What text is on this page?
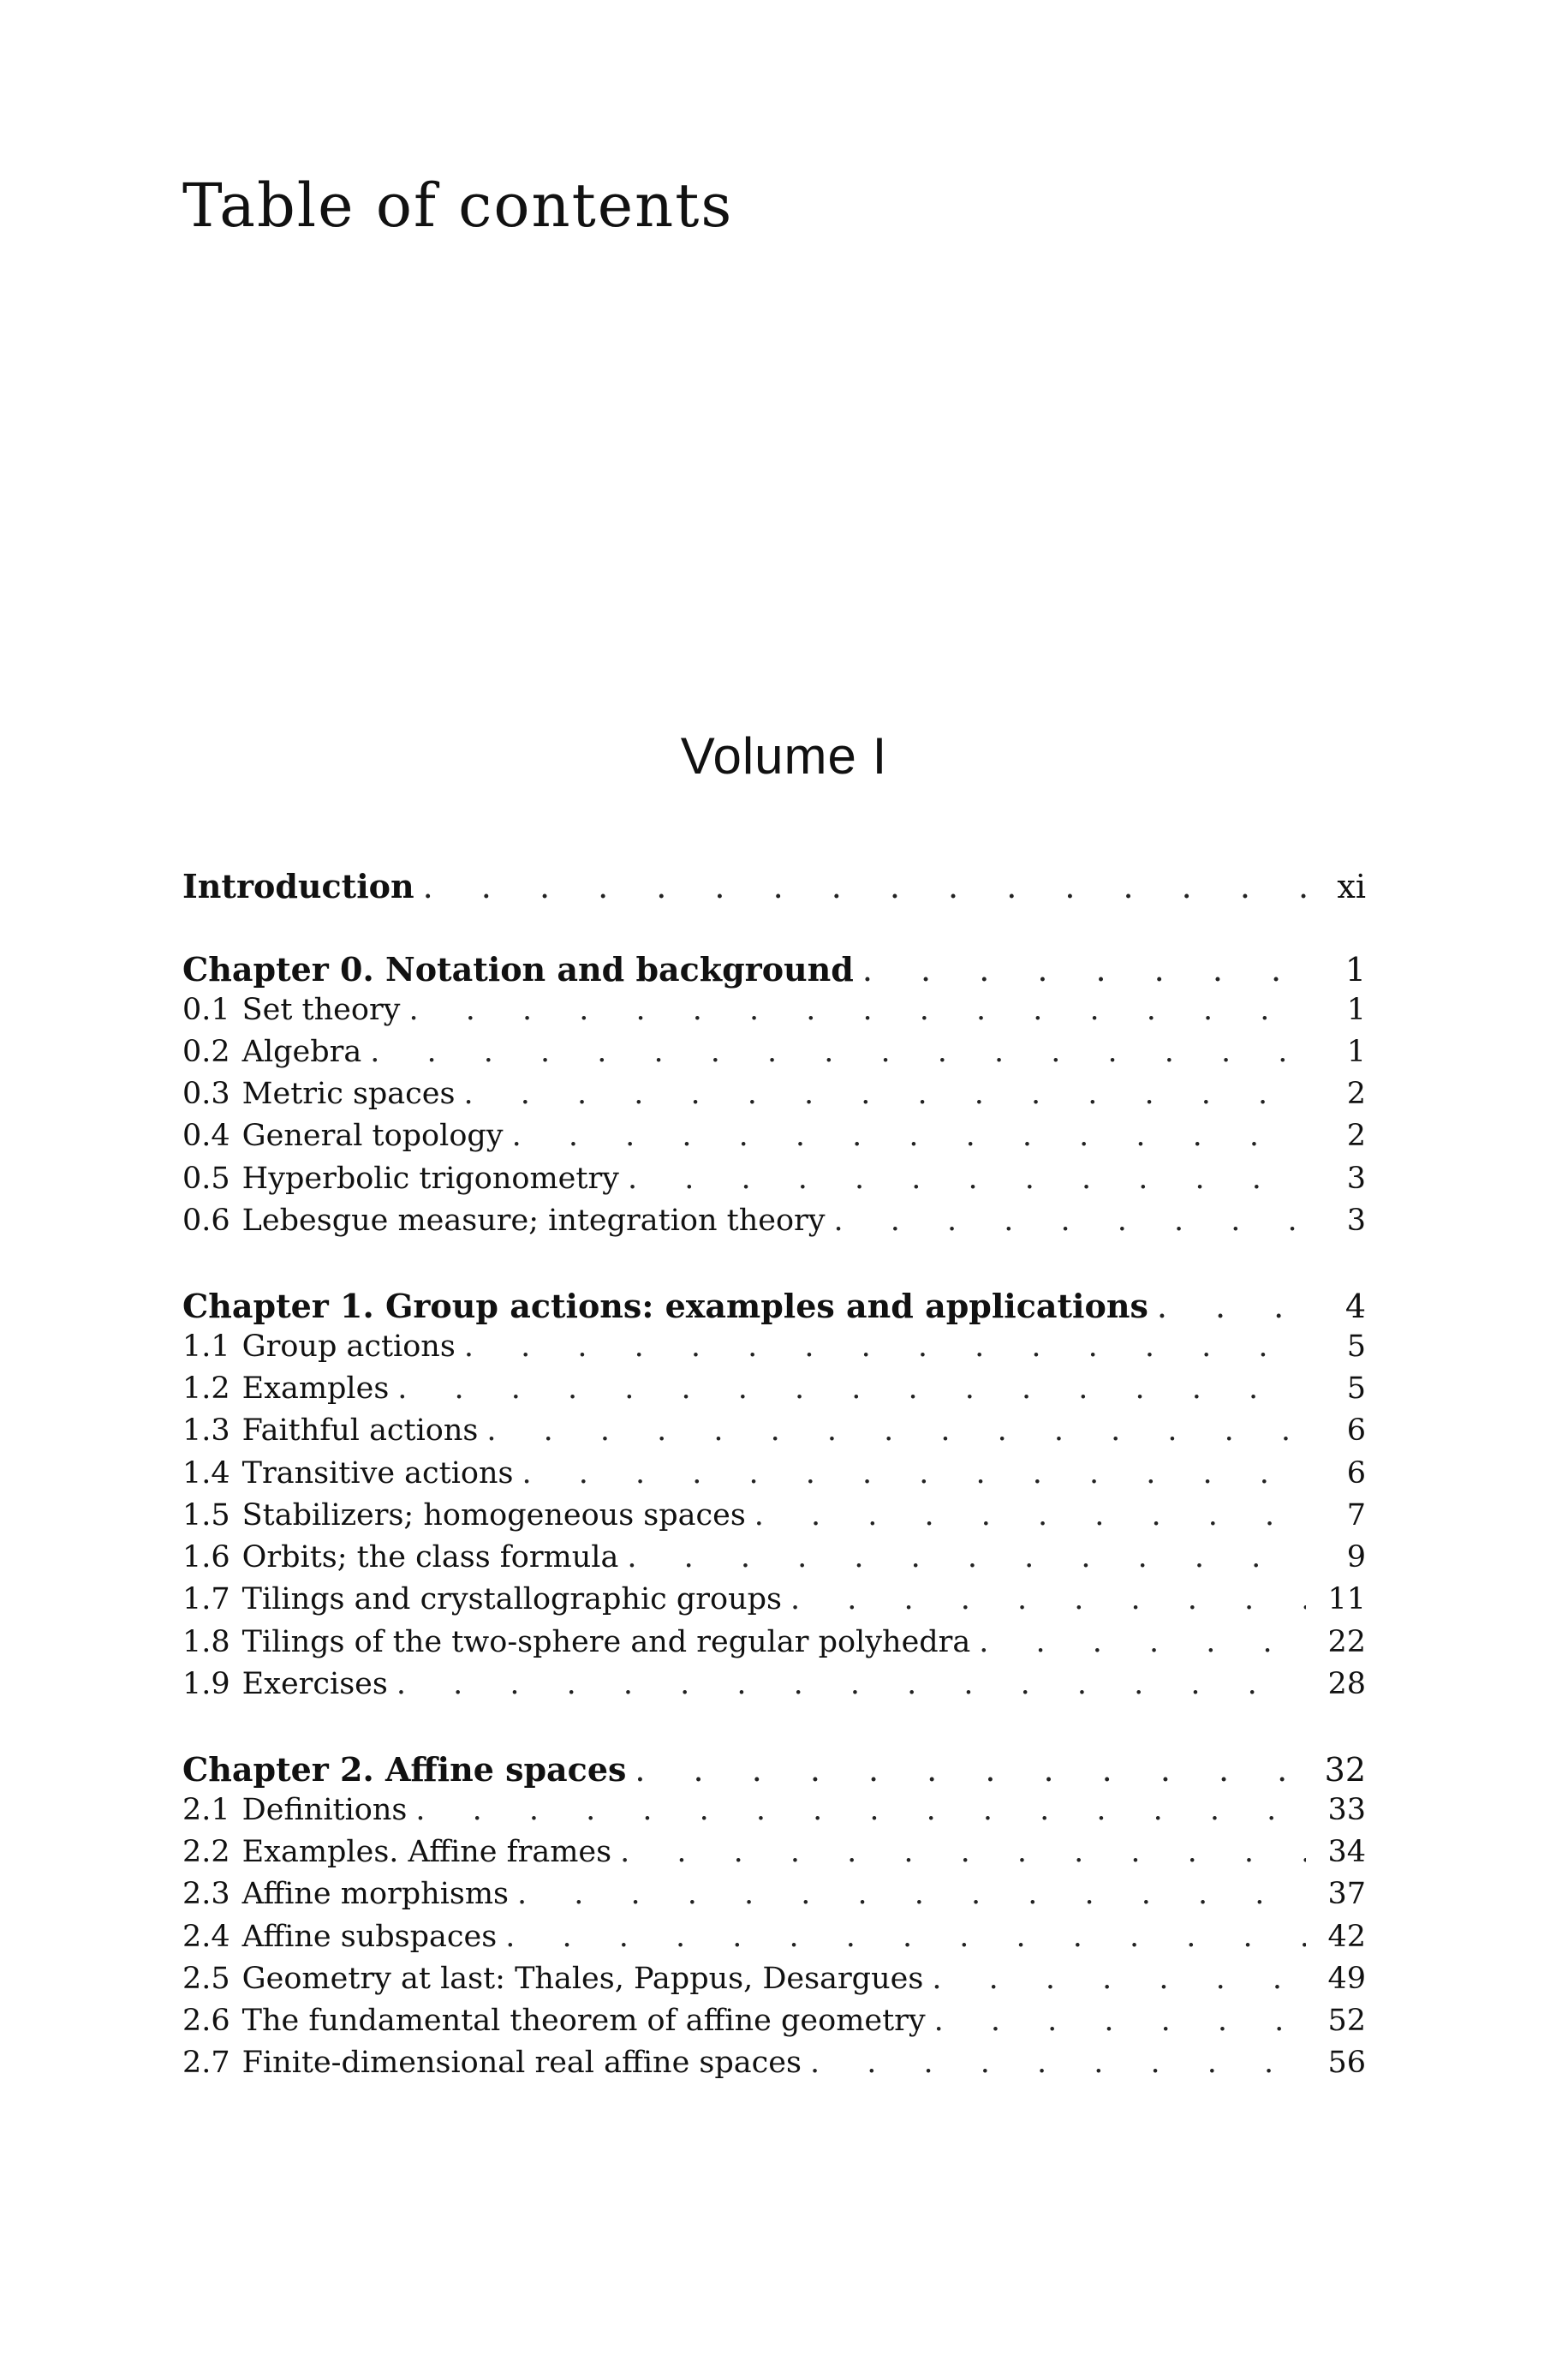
Table of contents
Volume I
Introduction . . .	xi
Chapter 0. Notation and background . . .	1
0.1 Set theory . . .	1
0.2 Algebra . . .	1
0.3 Metric spaces . . .	2
0.4 General topology . . .	2
0.5 Hyperbolic trigonometry . . .	3
0.6 Lebesgue measure; integration theory . . .	3
Chapter 1. Group actions: examples and applications . . .	4
1.1 Group actions . . .	5
1.2 Examples . . .	5
1.3 Faithful actions . . .	6
1.4 Transitive actions . . .	6
1.5 Stabilizers; homogeneous spaces . . .	7
1.6 Orbits; the class formula . . .	9
1.7 Tilings and crystallographic groups . . .	11
1.8 Tilings of the two-sphere and regular polyhedra . . .	22
1.9 Exercises . . .	28
Chapter 2. Affine spaces . . .	32
2.1 Definitions . . .	33
2.2 Examples. Affine frames . . .	34
2.3 Affine morphisms . . .	37
2.4 Affine subspaces . . .	42
2.5 Geometry at last: Thales, Pappus, Desargues . . .	49
2.6 The fundamental theorem of affine geometry . . .	52
2.7 Finite-dimensional real affine spaces . . .	56
